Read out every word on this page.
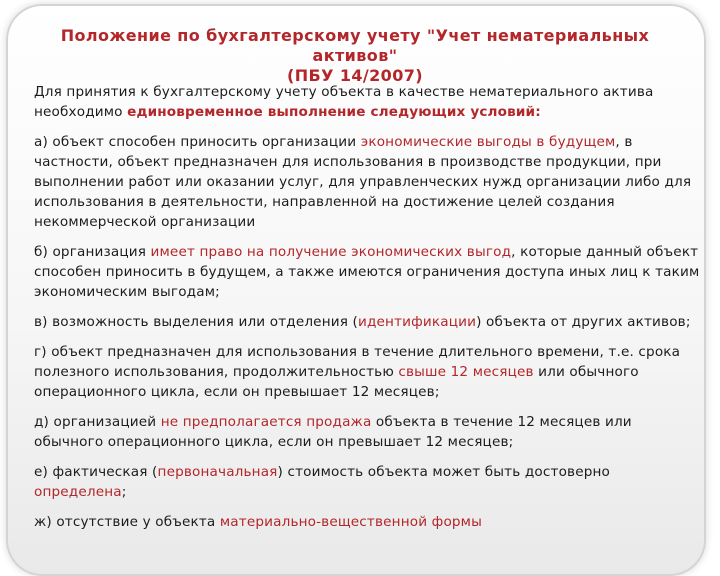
Положение по бухгалтерскому учету "Учет нематериальных
активов"
(ПБУ 14/2007)

Для принятия к бухгалтерскому учету объекта в качестве нематериального актива необходимо единовременное выполнение следующих условий:

а) объект способен приносить организации экономические выгоды в будущем, в частности, объект предназначен для использования в производстве продукции, при выполнении работ или оказании услуг, для управленческих нужд организации либо для использования в деятельности, направленной на достижение целей создания некоммерческой организации

б) организация имеет право на получение экономических выгод, которые данный объект способен приносить в будущем, а также имеются ограничения доступа иных лиц к таким экономическим выгодам;

в) возможность выделения или отделения (идентификации) объекта от других активов;

г) объект предназначен для использования в течение длительного времени, т.е. срока полезного использования, продолжительностью свыше 12 месяцев или обычного операционного цикла, если он превышает 12 месяцев;

д) организацией не предполагается продажа объекта в течение 12 месяцев или обычного операционного цикла, если он превышает 12 месяцев;

е) фактическая (первоначальная) стоимость объекта может быть достоверно определена;

ж) отсутствие у объекта материально-вещественной формы
